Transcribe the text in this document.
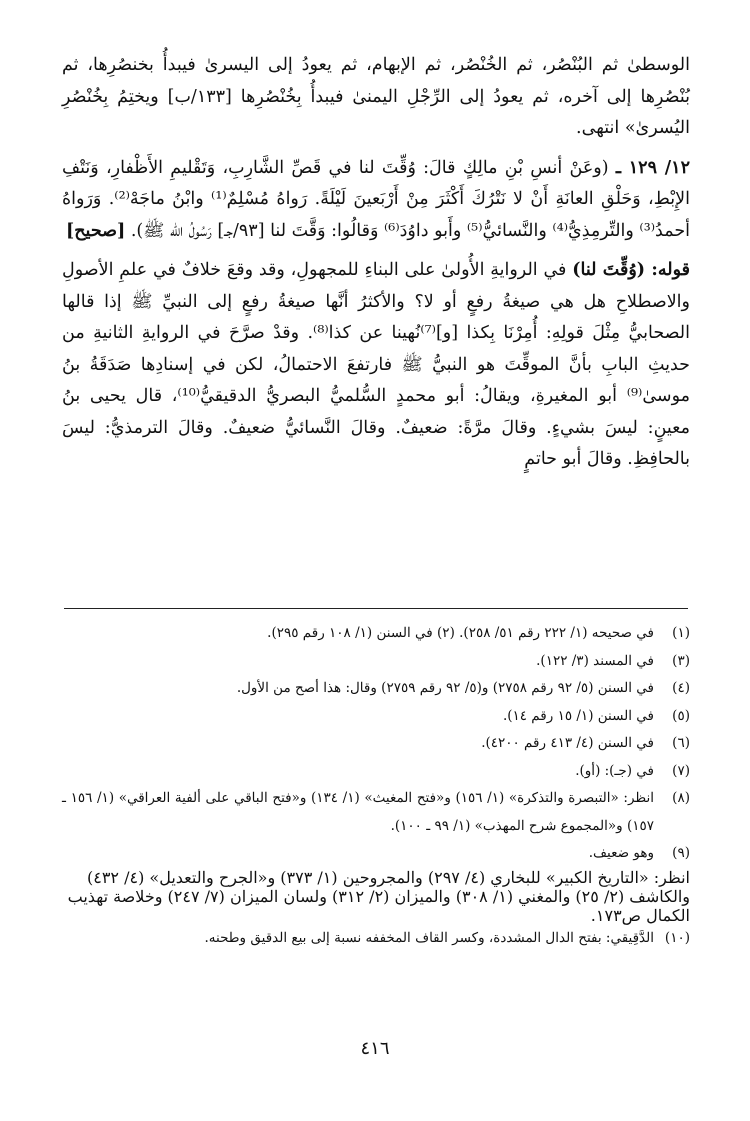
الوسطىٰ ثم البُنْصُر، ثم الخُنْصُر، ثم الإبهام، ثم يعودُ إلى اليسرىٰ فيبدأُ بخنصُرِها، ثم بُنْصُرِها إلى آخره، ثم يعودُ إلى الرِّجْلِ اليمنىٰ فيبدأُ بِخُنْصُرِها [١٣٣/ب] ويختِمُ بِخُنْصُرِ اليُسرىٰ» انتهى.

١٢/ ١٢٩ ـ (وعَنْ أنسِ بْنِ مالِكٍ قالَ: وُقِّتَ لنا في قَصِّ الشَّارِبِ، وَتَقْليمِ الأَظْفارِ، وَنَتْفِ الإِبْطِ، وَحَلْقِ العانَةِ أَنْ لا نَتْرُكَ أَكْثَرَ مِنْ أَرْبَعينَ لَيْلَةً. رَواهُ مُسْلِمٌ⁽¹⁾ وابْنُ ماجَهْ⁽²⁾. وَرَواهُ أحمدُ⁽³⁾ والتِّرمِذِيُّ⁽⁴⁾ والنَّسائيُّ⁽⁵⁾ وأَبو داوُدَ⁽⁶⁾ وَقالُوا: وَقَّتَ لنا [٩٣/جـ] رَسُولُ الله ﷺ). [صحيح]

قوله: (وُقِّتَ لنا) في الروايةِ الأُولىٰ على البناءِ للمجهولِ، وقد وقعَ خلافٌ في علمِ الأصولِ والاصطلاحِ هل هي صيغةُ رفعٍ أو لا؟ والأكثرُ أنَّها صيغةُ رفعٍ إلى النبيِّ ﷺ إذا قالها الصحابيُّ مِثْلَ قولِهِ: أُمِرْنَا بِكذا [و]⁽⁷⁾نُهينا عن كذا⁽⁸⁾. وقدْ صرَّحَ في الروايةِ الثانيةِ من حديثِ البابِ بأنَّ الموقِّتَ هو النبيُّ ﷺ فارتفعَ الاحتمالُ، لكن في إسنادِها صَدَقَةُ بنُ موسىٰ⁽⁹⁾ أبو المغيرةِ، ويقالُ: أبو محمدٍ السُّلميُّ البصريُّ الدقيقيُّ⁽¹⁰⁾، قال يحيى بنُ معينٍ: ليسَ بشيءٍ. وقالَ مرَّةً: ضعيفٌ. وقالَ النَّسائيُّ ضعيفٌ. وقالَ الترمذيُّ: ليسَ بالحافِظِ. وقالَ أبو حاتمٍ

(١)
في صحيحه (١/ ٢٢٢ رقم ٥١/ ٢٥٨). (٢) في السنن (١/ ١٠٨ رقم ٢٩٥).
(٣)
في المسند (٣/ ١٢٢).
(٤)
في السنن (٥/ ٩٢ رقم ٢٧٥٨) و(٥/ ٩٢ رقم ٢٧٥٩) وقال: هذا أصح من الأول.
(٥)
في السنن (١/ ١٥ رقم ١٤).
(٦)
في السنن (٤/ ٤١٣ رقم ٤٢٠٠).
(٧)
في (جـ): (أو).
(٨)
انظر: «التبصرة والتذكرة» (١/ ١٥٦) و«فتح المغيث» (١/ ١٣٤) و«فتح الباقي على ألفية العراقي» (١/ ١٥٦ ـ ١٥٧) و«المجموع شرح المهذب» (١/ ٩٩ ـ ١٠٠).
(٩)
وهو ضعيف.
انظر: «التاريخ الكبير» للبخاري (٤/ ٢٩٧) والمجروحين (١/ ٣٧٣) و«الجرح والتعديل» (٤/ ٤٣٢) والكاشف (٢/ ٢٥) والمغني (١/ ٣٠٨) والميزان (٢/ ٣١٢) ولسان الميزان (٧/ ٢٤٧) وخلاصة تهذيب الكمال ص١٧٣.
(١٠)
الدَّقِيقي: بفتح الدال المشددة، وكسر القاف المخففه نسبة إلى بيع الدقيق وطحنه.
٤١٦
